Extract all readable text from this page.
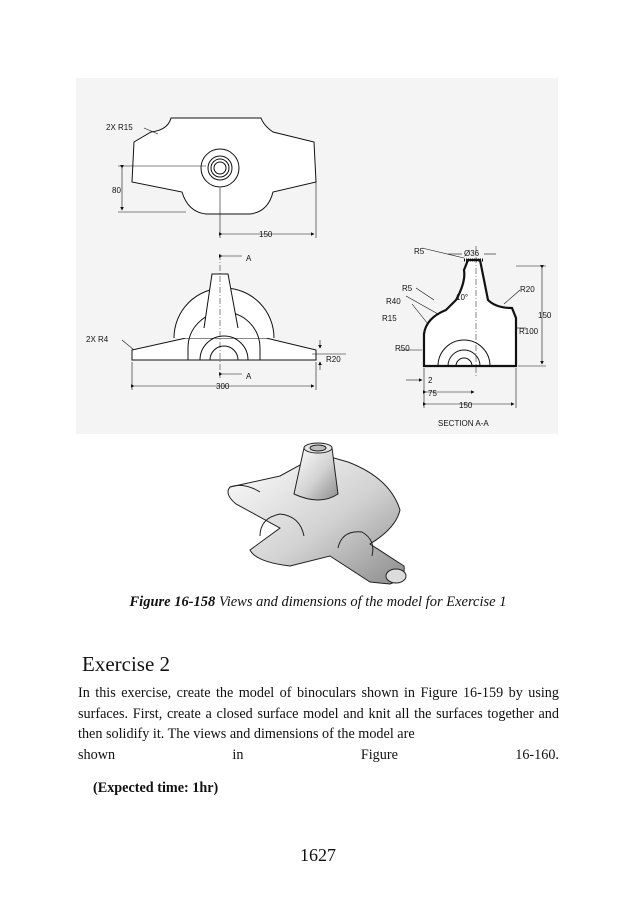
2X R15
80
150
A
A
2X R4
R20
300
R5	Ø36
R5
R40
R15
10°
R20
150
R100
R50
2
75
150
SECTION A-A
Figure 16-158 Views and dimensions of the model for Exercise 1
Exercise 2
In this exercise, create the model of binoculars shown in Figure 16-159 by using surfaces. First, create a closed surface model and knit all the surfaces together and then solidify it. The views and dimensions of the model are
shown	in	Figure	16-160.
(Expected time: 1hr)
1627
